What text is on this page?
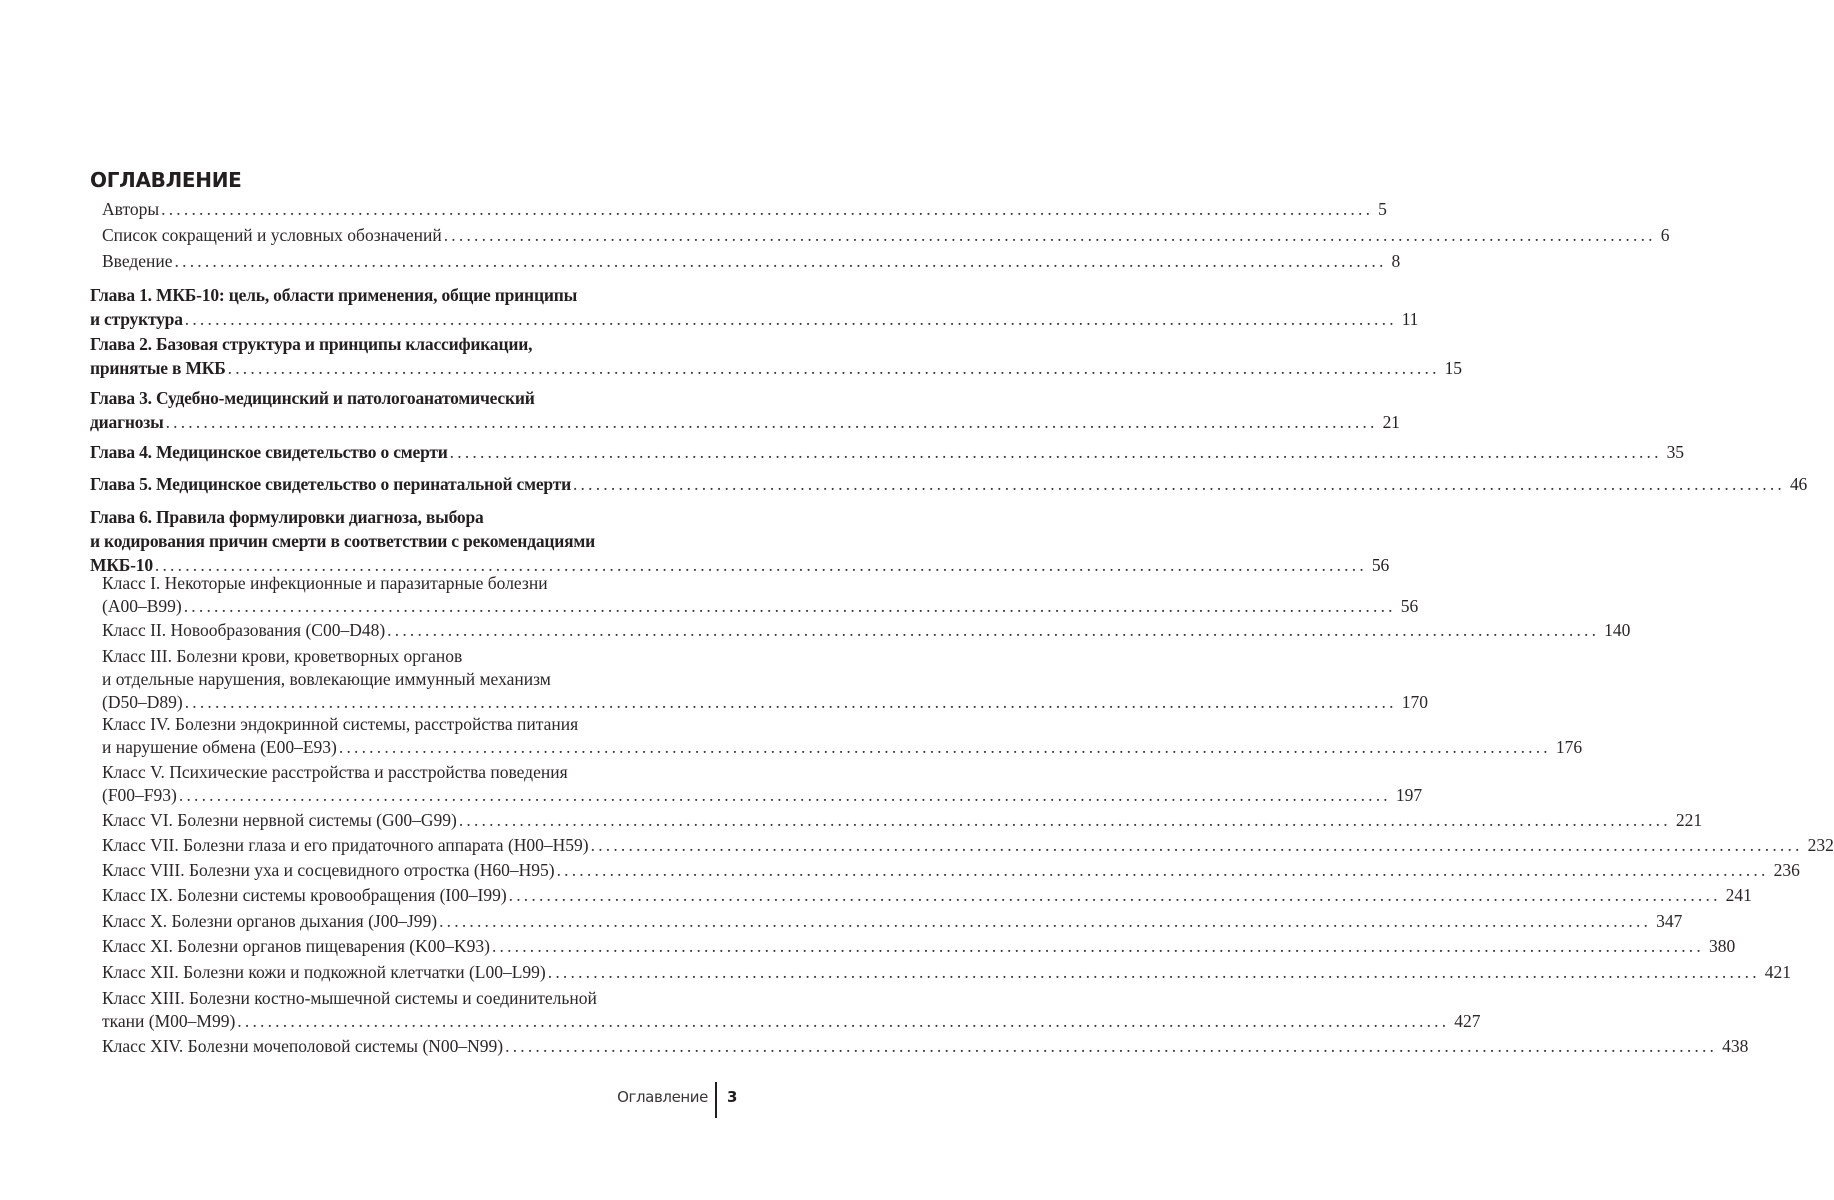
ОГЛАВЛЕНИЕ
Авторы ................................................................................................................................................................ 5
Список сокращений и условных обозначений ................................................................................................................................................................ 6
Введение ................................................................................................................................................................ 8
Глава 1. МКБ-10: цель, области применения, общие принципы
и структура ................................................................................................................................................................ 11
Глава 2. Базовая структура и принципы классификации,
принятые в МКБ ................................................................................................................................................................ 15
Глава 3. Судебно-медицинский и патологоанатомический
диагнозы ................................................................................................................................................................ 21
Глава 4. Медицинское свидетельство о смерти ................................................................................................................................................................ 35
Глава 5. Медицинское свидетельство о перинатальной смерти ................................................................................................................................................................ 46
Глава 6. Правила формулировки диагноза, выбора
и кодирования причин смерти в соответствии с рекомендациями
МКБ-10 ................................................................................................................................................................ 56
Класс I. Некоторые инфекционные и паразитарные болезни
(A00–B99) ................................................................................................................................................................ 56
Класс II. Новообразования (C00–D48) ................................................................................................................................................................ 140
Класс III. Болезни крови, кроветворных органов
и отдельные нарушения, вовлекающие иммунный механизм
(D50–D89) ................................................................................................................................................................ 170
Класс IV. Болезни эндокринной системы, расстройства питания
и нарушение обмена (E00–E93) ................................................................................................................................................................ 176
Класс V. Психические расстройства и расстройства поведения
(F00–F93) ................................................................................................................................................................ 197
Класс VI. Болезни нервной системы (G00–G99) ................................................................................................................................................................ 221
Класс VII. Болезни глаза и его придаточного аппарата (H00–H59) ................................................................................................................................................................ 232
Класс VIII. Болезни уха и сосцевидного отростка (H60–H95) ................................................................................................................................................................ 236
Класс IX. Болезни системы кровообращения (I00–I99) ................................................................................................................................................................ 241
Класс X. Болезни органов дыхания (J00–J99) ................................................................................................................................................................ 347
Класс XI. Болезни органов пищеварения (K00–K93) ................................................................................................................................................................ 380
Класс XII. Болезни кожи и подкожной клетчатки (L00–L99) ................................................................................................................................................................ 421
Класс XIII. Болезни костно-мышечной системы и соединительной
ткани (M00–M99) ................................................................................................................................................................ 427
Класс XIV. Болезни мочеполовой системы (N00–N99) ................................................................................................................................................................ 438
Оглавление 3
